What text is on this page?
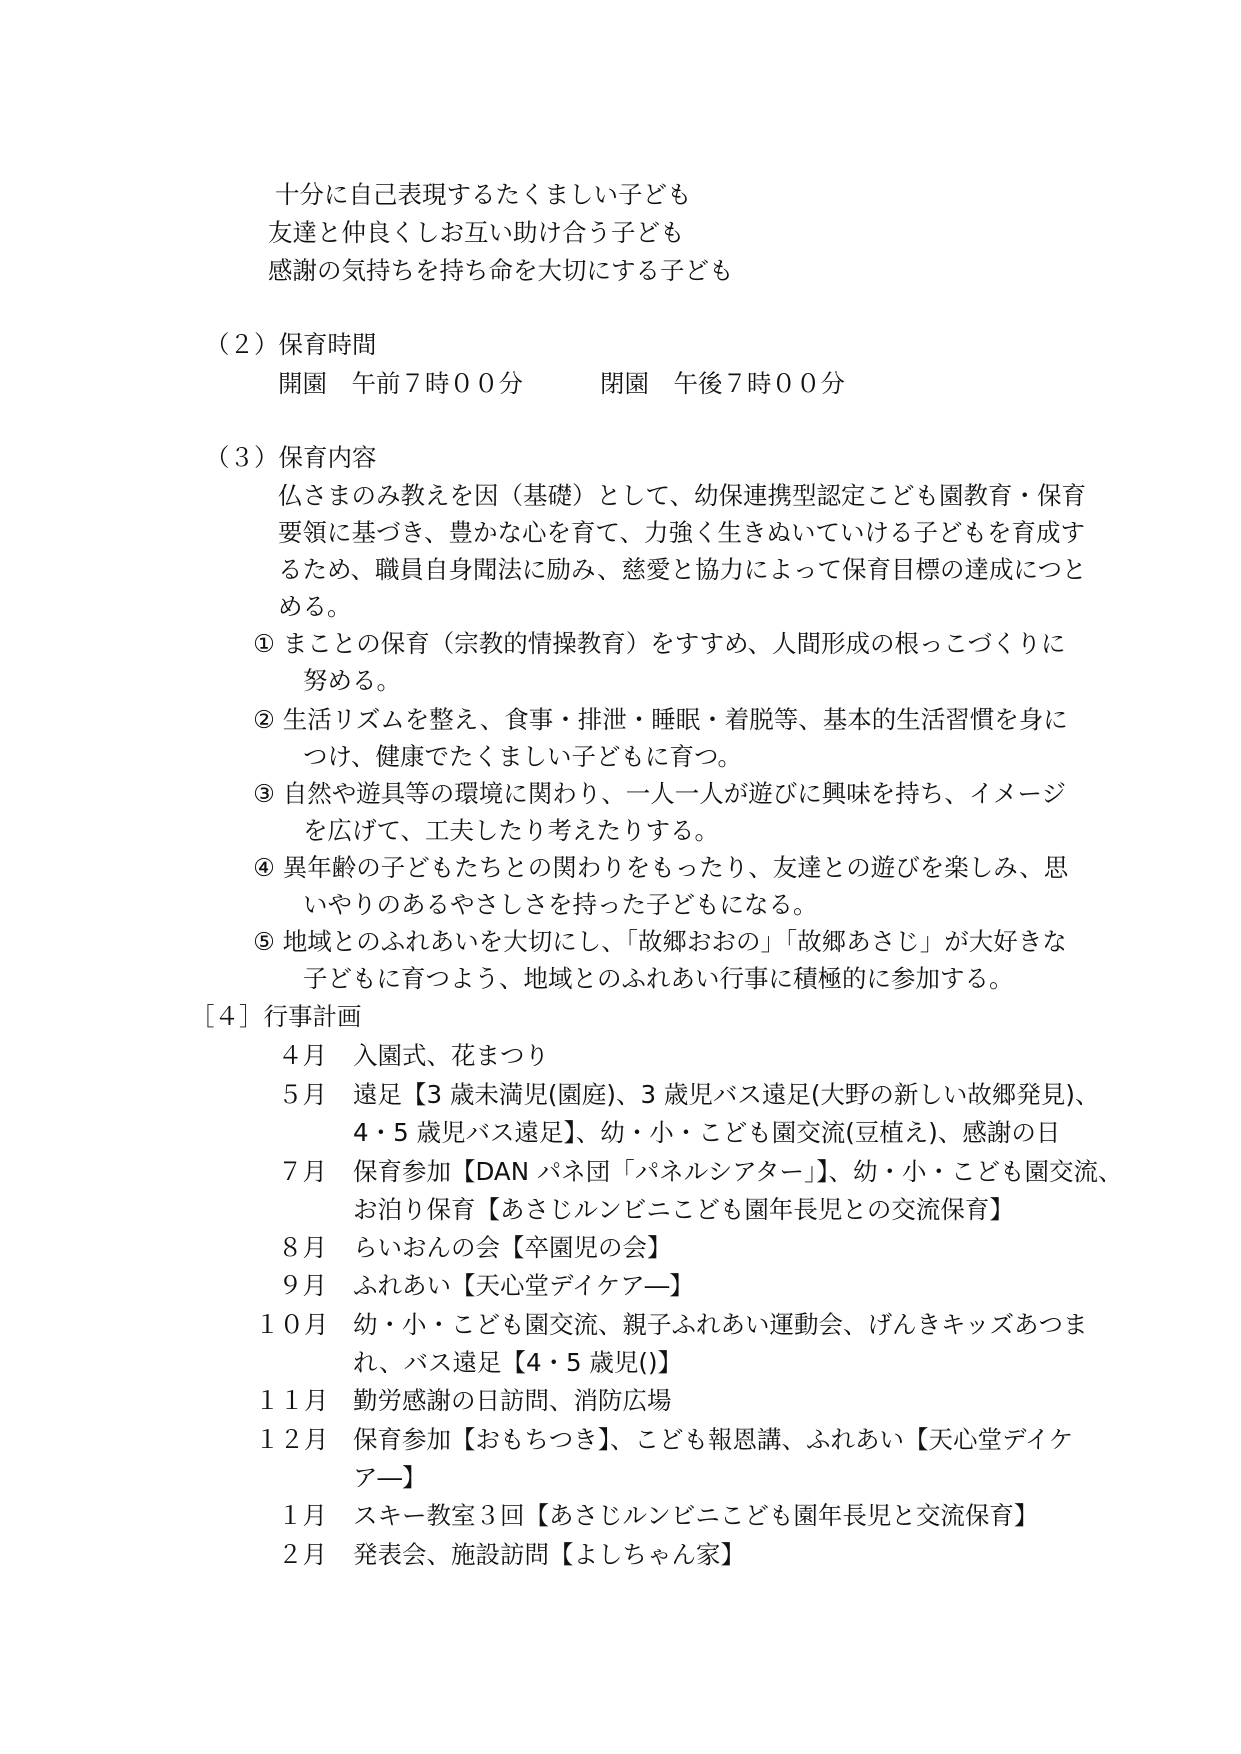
十分に自己表現するたくましい子ども

友達と仲良くしお互い助け合う子ども

感謝の気持ちを持ち命を大切にする子ども

（２）保育時間

開園　午前７時００分	閉園　午後７時００分

（３）保育内容

仏さまのみ教えを因（基礎）として、幼保連携型認定こども園教育・保育

要領に基づき、豊かな心を育て、力強く生きぬいていける子どもを育成す

るため、職員自身聞法に励み、慈愛と協力によって保育目標の達成につと

める。

① まことの保育（宗教的情操教育）をすすめ、人間形成の根っこづくりに

努める。

② 生活リズムを整え、食事・排泄・睡眠・着脱等、基本的生活習慣を身に

つけ、健康でたくましい子どもに育つ。

③ 自然や遊具等の環境に関わり、一人一人が遊びに興味を持ち、イメージ

を広げて、工夫したり考えたりする。

④ 異年齢の子どもたちとの関わりをもったり、友達との遊びを楽しみ、思

いやりのあるやさしさを持った子どもになる。

⑤ 地域とのふれあいを大切にし、「故郷おおの」「故郷あさじ」が大好きな

子どもに育つよう、地域とのふれあい行事に積極的に参加する。

［４］行事計画

４月 入園式、花まつり
５月 遠足【3 歳未満児(園庭)、3 歳児バス遠足(大野の新しい故郷発見)、
4・5 歳児バス遠足】、幼・小・こども園交流(豆植え)、感謝の日
７月 保育参加【DAN パネ団「パネルシアター」】、幼・小・こども園交流、
お泊り保育【あさじルンビニこども園年長児との交流保育】
８月 らいおんの会【卒園児の会】
９月 ふれあい【天心堂デイケア―】
１０月 幼・小・こども園交流、親子ふれあい運動会、げんきキッズあつま
れ、バス遠足【4・5 歳児()】
１１月 勤労感謝の日訪問、消防広場
１２月 保育参加【おもちつき】、こども報恩講、ふれあい【天心堂デイケ
ア―】
１月 スキー教室３回【あさじルンビニこども園年長児と交流保育】
２月 発表会、施設訪問【よしちゃん家】
